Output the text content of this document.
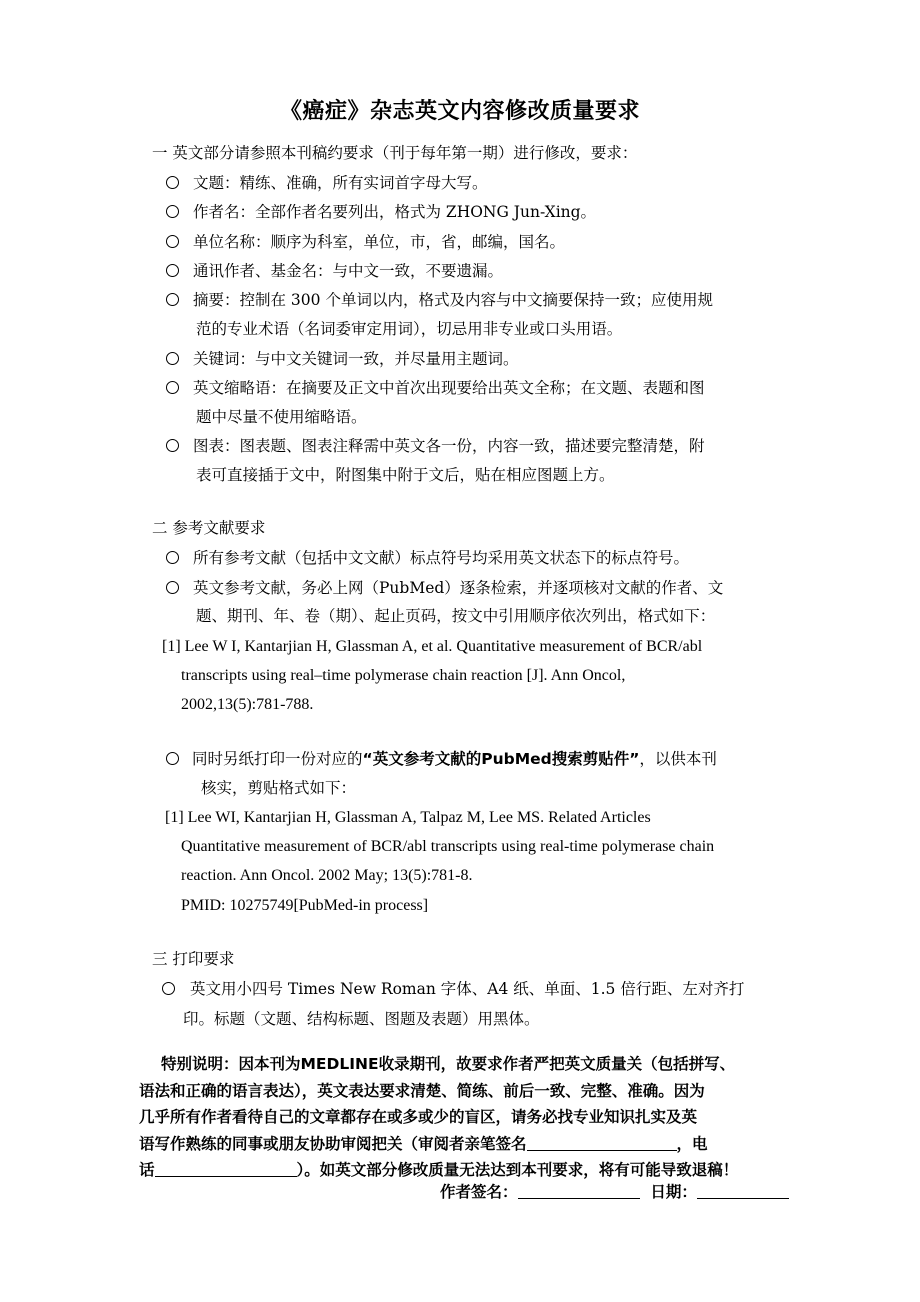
《癌症》杂志英文内容修改质量要求
一 英文部分请参照本刊稿约要求（刊于每年第一期）进行修改，要求：
文题：精练、准确，所有实词首字母大写。
作者名：全部作者名要列出，格式为 ZHONG Jun-Xing。
单位名称：顺序为科室，单位，市，省，邮编，国名。
通讯作者、基金名：与中文一致，不要遗漏。
摘要：控制在 300 个单词以内，格式及内容与中文摘要保持一致；应使用规
范的专业术语（名词委审定用词），切忌用非专业或口头用语。
关键词：与中文关键词一致，并尽量用主题词。
英文缩略语：在摘要及正文中首次出现要给出英文全称；在文题、表题和图
题中尽量不使用缩略语。
图表：图表题、图表注释需中英文各一份，内容一致，描述要完整清楚，附
表可直接插于文中，附图集中附于文后，贴在相应图题上方。
二 参考文献要求
所有参考文献（包括中文文献）标点符号均采用英文状态下的标点符号。
英文参考文献，务必上网（PubMed）逐条检索，并逐项核对文献的作者、文
题、期刊、年、卷（期）、起止页码，按文中引用顺序依次列出，格式如下：
[1] Lee W I, Kantarjian H, Glassman A, et al. Quantitative measurement of BCR/abl
transcripts using real–time polymerase chain reaction [J]. Ann Oncol,
2002,13(5):781-788.
同时另纸打印一份对应的“英文参考文献的PubMed搜索剪贴件”，以供本刊
核实，剪贴格式如下：
[1] Lee WI, Kantarjian H, Glassman A, Talpaz M, Lee MS. Related Articles
Quantitative measurement of BCR/abl transcripts using real-time polymerase chain
reaction. Ann Oncol. 2002 May; 13(5):781-8.
PMID: 10275749[PubMed-in process]
三 打印要求
英文用小四号 Times New Roman 字体、A4 纸、单面、1.5 倍行距、左对齐打
印。标题（文题、结构标题、图题及表题）用黑体。
特别说明：因本刊为MEDLINE收录期刊，故要求作者严把英文质量关（包括拼写、
语法和正确的语言表达），英文表达要求清楚、简练、前后一致、完整、准确。因为
几乎所有作者看待自己的文章都存在或多或少的盲区，请务必找专业知识扎实及英
语写作熟练的同事或朋友协助审阅把关（审阅者亲笔签名	，电
话	）。如英文部分修改质量无法达到本刊要求，将有可能导致退稿！
作者签名：	日期：
